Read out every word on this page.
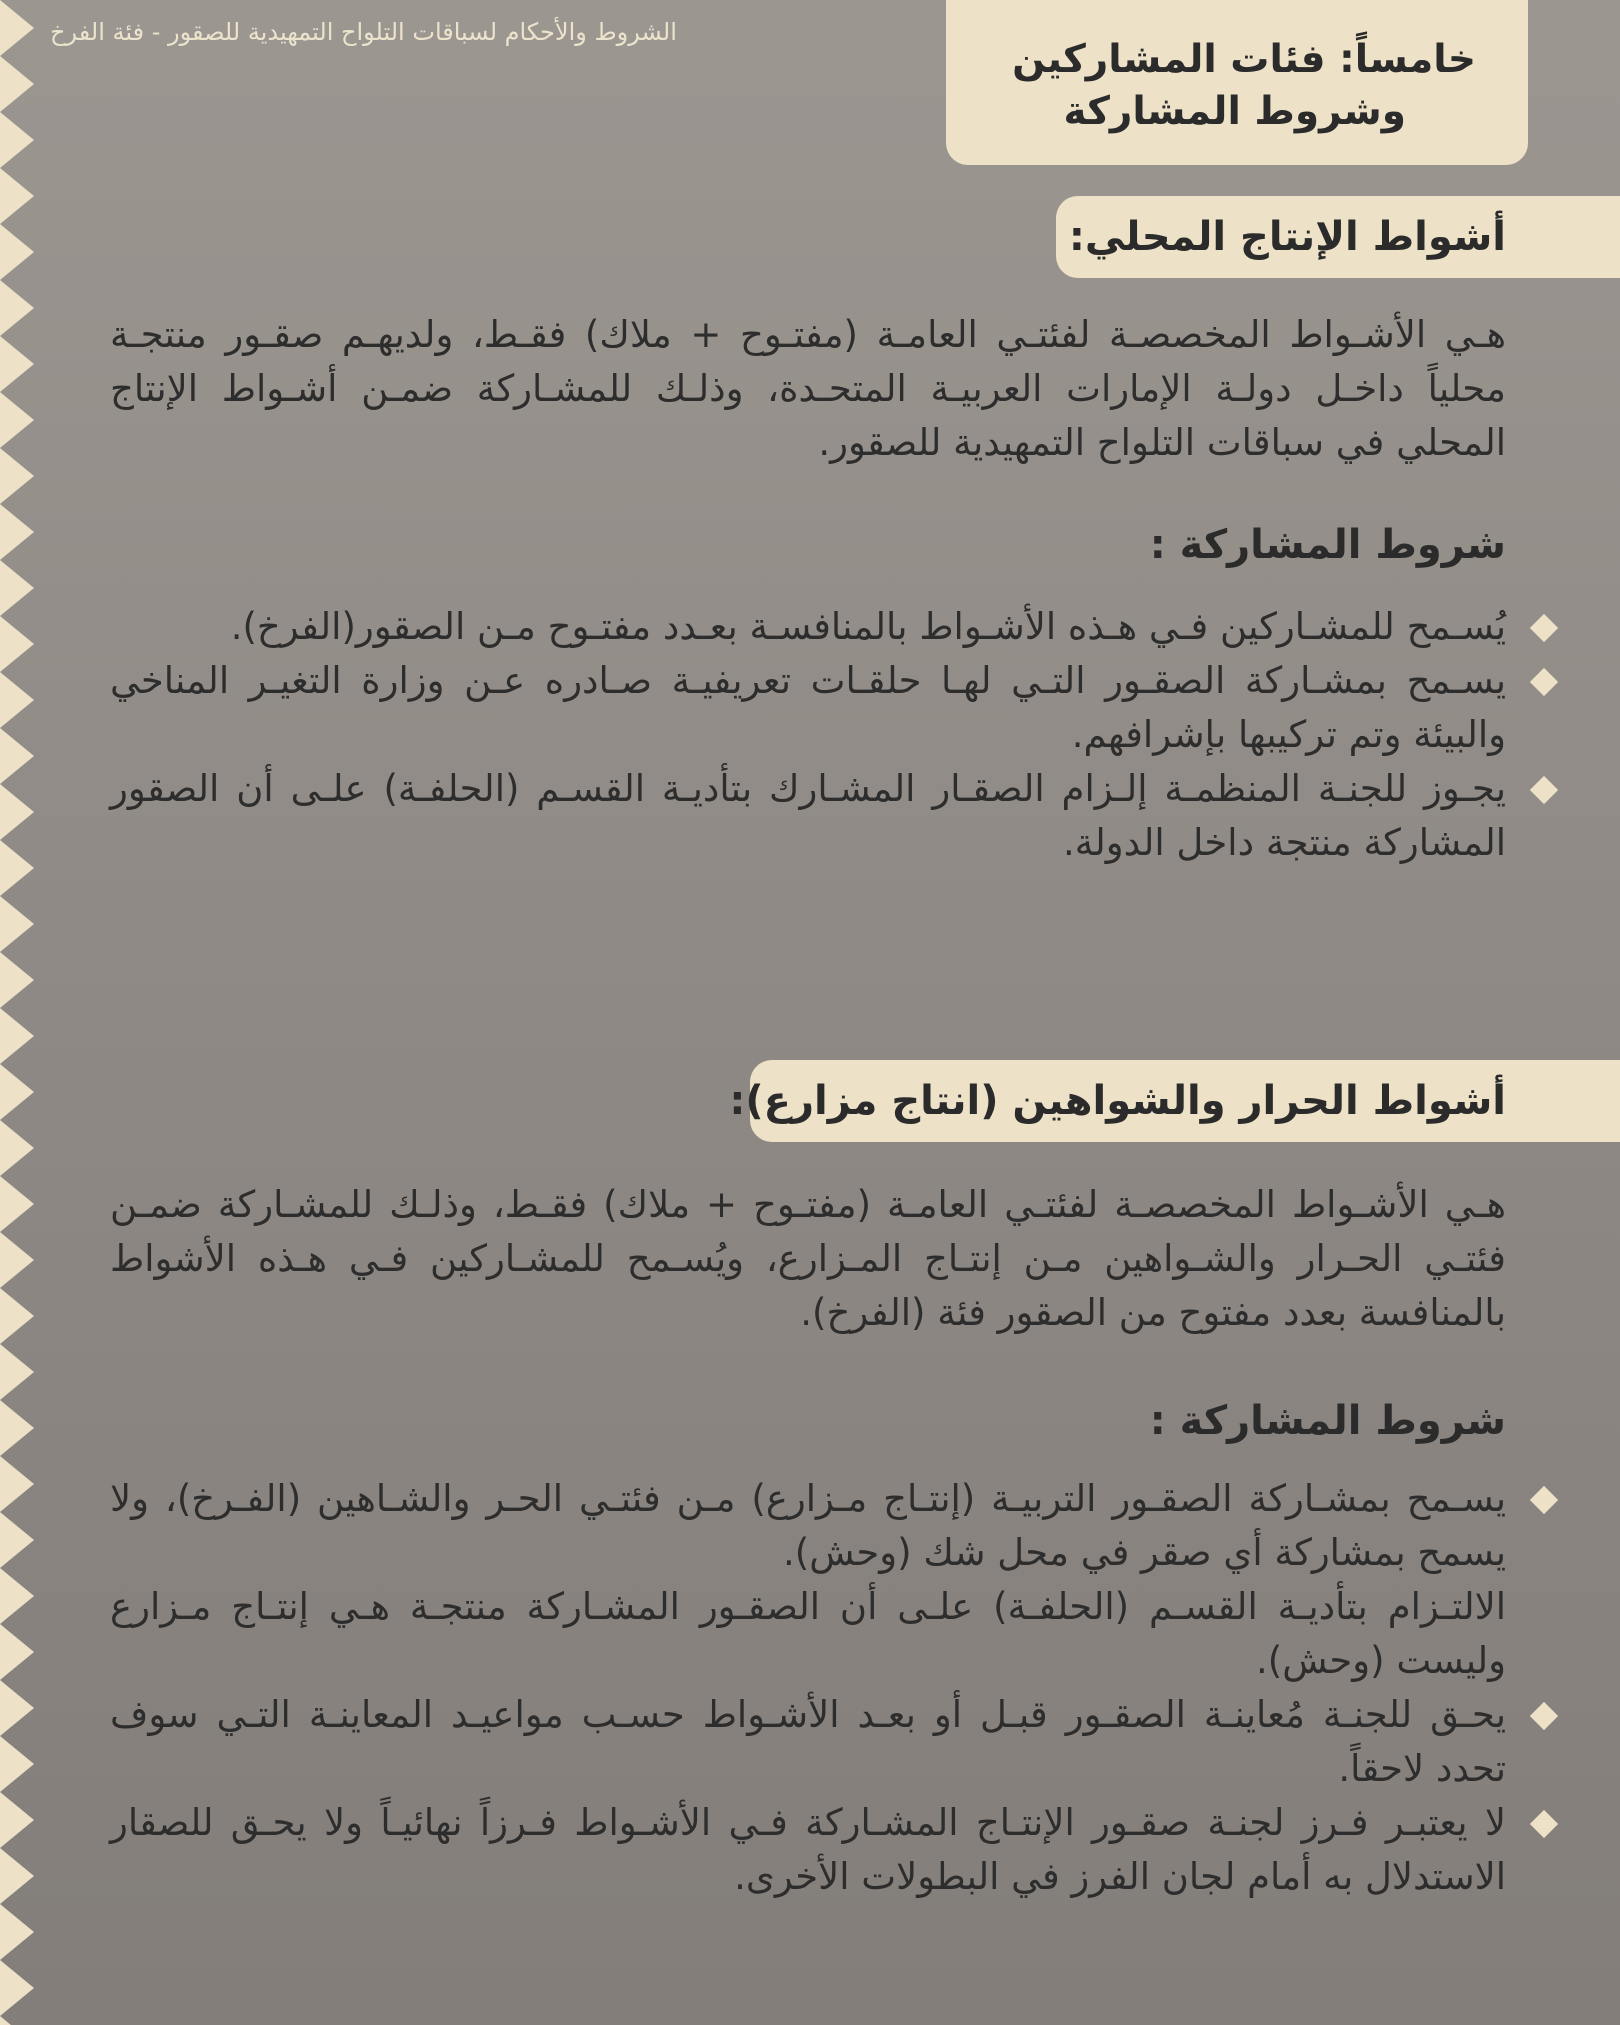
الشروط والأحكام لسباقات التلواح التمهيدية للصقور - فئة الفرخ
خامساً: فئات المشاركين
وشروط المشاركة
أشواط الإنتاج المحلي:
هـي الأشـواط المخصصـة لفئتـي العامـة (مفتـوح + ملاك) فقـط، ولديهـم صقـور منتجـة محلياً داخـل دولـة الإمارات العربيـة المتحـدة، وذلـك للمشـاركة ضمـن أشـواط الإنتاج المحلي في سباقات التلواح التمهيدية للصقور.
شروط المشاركة :
يُسـمح للمشـاركين فـي هـذه الأشـواط بالمنافسـة بعـدد مفتـوح مـن الصقور(الفرخ).
يسـمح بمشـاركة الصقـور التـي لهـا حلقـات تعريفيـة صـادره عـن وزارة التغيـر المناخي والبيئة وتم تركيبها بإشرافهم.
يجـوز للجنـة المنظمـة إلـزام الصقـار المشـارك بتأديـة القسـم (الحلفـة) علـى أن الصقور المشاركة منتجة داخل الدولة.
أشواط الحرار والشواهين (انتاج مزارع):
هـي الأشـواط المخصصـة لفئتـي العامـة (مفتـوح + ملاك) فقـط، وذلـك للمشـاركة ضمـن فئتـي الحـرار والشـواهين مـن إنتـاج المـزارع، ويُسـمح للمشـاركين فـي هـذه الأشواط بالمنافسة بعدد مفتوح من الصقور فئة (الفرخ).
شروط المشاركة :
يسـمح بمشـاركة الصقـور التربيـة (إنتـاج مـزارع) مـن فئتـي الحـر والشـاهين (الفـرخ)، ولا يسمح بمشاركة أي صقر في محل شك (وحش).
الالتـزام بتأديـة القسـم (الحلفـة) علـى أن الصقـور المشـاركة منتجـة هـي إنتـاج مـزارع وليست (وحش).
يحـق للجنـة مُعاينـة الصقـور قبـل أو بعـد الأشـواط حسـب مواعيـد المعاينـة التـي سوف تحدد لاحقاً.
لا يعتبـر فـرز لجنـة صقـور الإنتـاج المشـاركة فـي الأشـواط فـرزاً نهائيـاً ولا يحـق للصقار الاستدلال به أمام لجان الفرز في البطولات الأخرى.
